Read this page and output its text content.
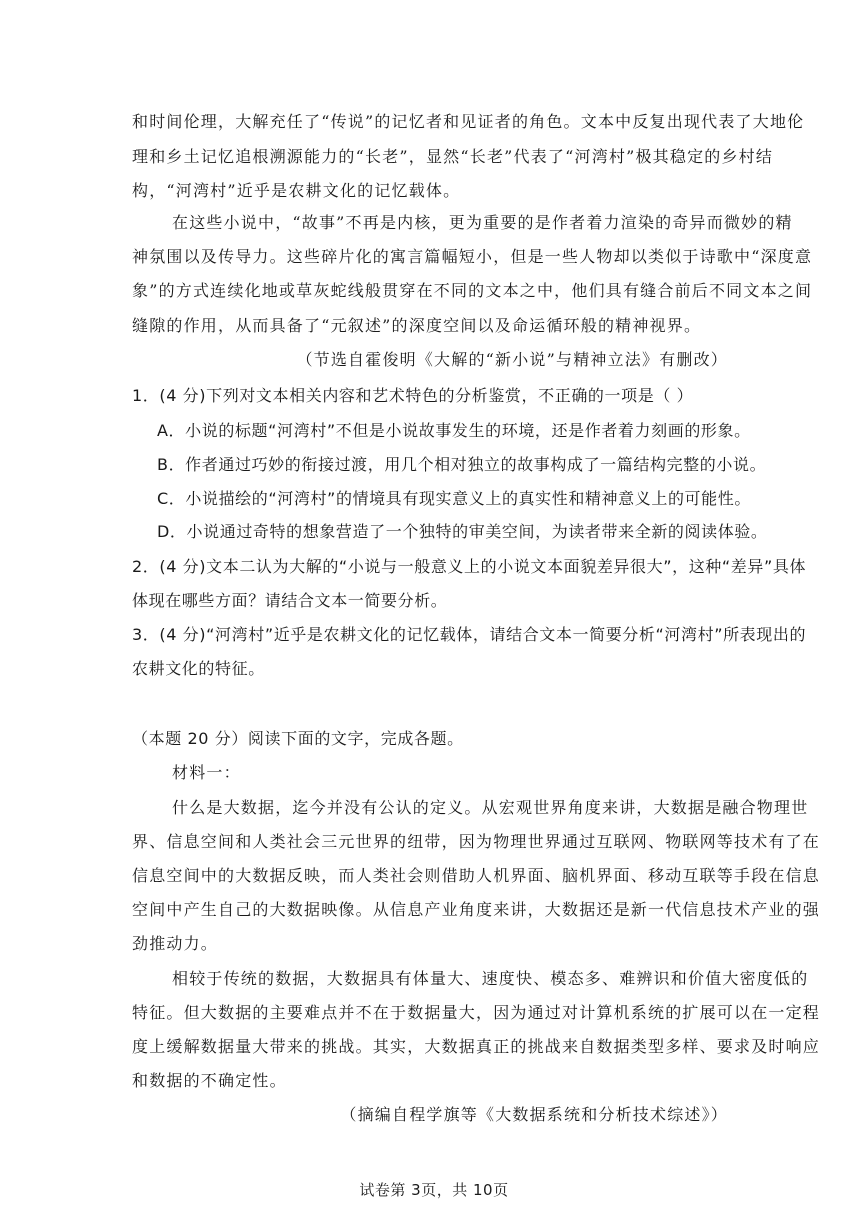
和时间伦理，大解充任了“传说”的记忆者和见证者的角色。文本中反复出现代表了大地伦
理和乡土记忆追根溯源能力的“长老”，显然“长老”代表了“河湾村”极其稳定的乡村结
构，“河湾村”近乎是农耕文化的记忆载体。
在这些小说中，“故事”不再是内核，更为重要的是作者着力渲染的奇异而微妙的精
神氛围以及传导力。这些碎片化的寓言篇幅短小，但是一些人物却以类似于诗歌中“深度意
象”的方式连续化地或草灰蛇线般贯穿在不同的文本之中，他们具有缝合前后不同文本之间
缝隙的作用，从而具备了“元叙述”的深度空间以及命运循环般的精神视界。
（节选自霍俊明《大解的“新小说”与精神立法》有删改）
1．(4 分)下列对文本相关内容和艺术特色的分析鉴赏，不正确的一项是（ ）
A．小说的标题“河湾村”不但是小说故事发生的环境，还是作者着力刻画的形象。
B．作者通过巧妙的衔接过渡，用几个相对独立的故事构成了一篇结构完整的小说。
C．小说描绘的“河湾村”的情境具有现实意义上的真实性和精神意义上的可能性。
D．小说通过奇特的想象营造了一个独特的审美空间，为读者带来全新的阅读体验。
2．(4 分)文本二认为大解的“小说与一般意义上的小说文本面貌差异很大”，这种“差异”具体
体现在哪些方面？请结合文本一简要分析。
3．(4 分)“河湾村”近乎是农耕文化的记忆载体，请结合文本一简要分析“河湾村”所表现出的
农耕文化的特征。
（本题 20 分）阅读下面的文字，完成各题。
材料一：
什么是大数据，迄今并没有公认的定义。从宏观世界角度来讲，大数据是融合物理世
界、信息空间和人类社会三元世界的纽带，因为物理世界通过互联网、物联网等技术有了在
信息空间中的大数据反映，而人类社会则借助人机界面、脑机界面、移动互联等手段在信息
空间中产生自己的大数据映像。从信息产业角度来讲，大数据还是新一代信息技术产业的强
劲推动力。
相较于传统的数据，大数据具有体量大、速度快、模态多、难辨识和价值大密度低的
特征。但大数据的主要难点并不在于数据量大，因为通过对计算机系统的扩展可以在一定程
度上缓解数据量大带来的挑战。其实，大数据真正的挑战来自数据类型多样、要求及时响应
和数据的不确定性。
（摘编自程学旗等《大数据系统和分析技术综述》）
试卷第 3页，共 10页
